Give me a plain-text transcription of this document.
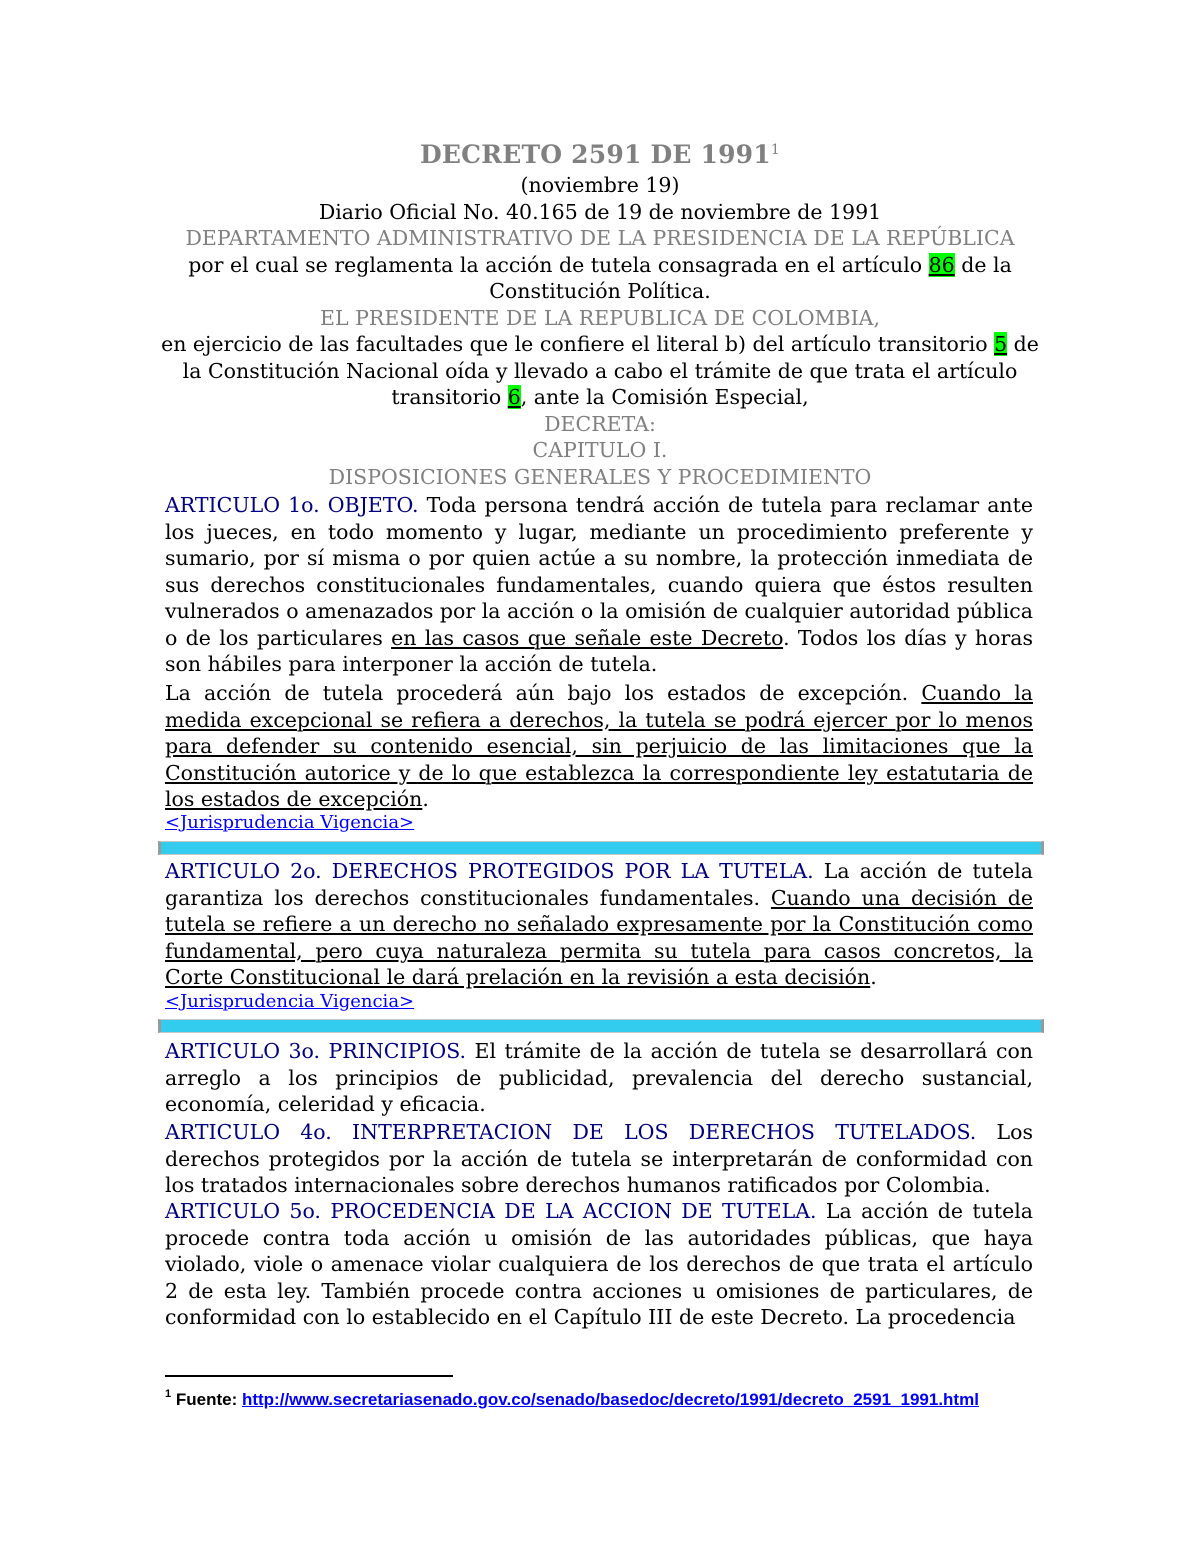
DECRETO 2591 DE 1991$^1$
(noviembre 19)
Diario Oficial No. 40.165 de 19 de noviembre de 1991
DEPARTAMENTO ADMINISTRATIVO DE LA PRESIDENCIA DE LA REPÚBLICA
por el cual se reglamenta la acción de tutela consagrada en el artículo 86 de la
Constitución Política.
EL PRESIDENTE DE LA REPUBLICA DE COLOMBIA,
en ejercicio de las facultades que le confiere el literal b) del artículo transitorio 5 de
la Constitución Nacional oída y llevado a cabo el trámite de que trata el artículo
transitorio 6, ante la Comisión Especial,
DECRETA:
CAPITULO I.
DISPOSICIONES GENERALES Y PROCEDIMIENTO
ARTICULO 1o. OBJETO. Toda persona tendrá acción de tutela para reclamar ante los jueces, en todo momento y lugar, mediante un procedimiento preferente y sumario, por sí misma o por quien actúe a su nombre, la protección inmediata de sus derechos constitucionales fundamentales, cuando quiera que éstos resulten vulnerados o amenazados por la acción o la omisión de cualquier autoridad pública o de los particulares en las casos que señale este Decreto. Todos los días y horas son hábiles para interponer la acción de tutela.
La acción de tutela procederá aún bajo los estados de excepción. Cuando la medida excepcional se refiera a derechos, la tutela se podrá ejercer por lo menos para defender su contenido esencial, sin perjuicio de las limitaciones que la Constitución autorice y de lo que establezca la correspondiente ley estatutaria de los estados de excepción.
<Jurisprudencia Vigencia>
ARTICULO 2o. DERECHOS PROTEGIDOS POR LA TUTELA. La acción de tutela garantiza los derechos constitucionales fundamentales. Cuando una decisión de tutela se refiere a un derecho no señalado expresamente por la Constitución como fundamental, pero cuya naturaleza permita su tutela para casos concretos, la Corte Constitucional le dará prelación en la revisión a esta decisión.
<Jurisprudencia Vigencia>
ARTICULO 3o. PRINCIPIOS. El trámite de la acción de tutela se desarrollará con arreglo a los principios de publicidad, prevalencia del derecho sustancial, economía, celeridad y eficacia.
ARTICULO 4o. INTERPRETACION DE LOS DERECHOS TUTELADOS. Los derechos protegidos por la acción de tutela se interpretarán de conformidad con los tratados internacionales sobre derechos humanos ratificados por Colombia.
ARTICULO 5o. PROCEDENCIA DE LA ACCION DE TUTELA. La acción de tutela procede contra toda acción u omisión de las autoridades públicas, que haya violado, viole o amenace violar cualquiera de los derechos de que trata el artículo 2 de esta ley. También procede contra acciones u omisiones de particulares, de conformidad con lo establecido en el Capítulo III de este Decreto. La procedencia
$^1$ Fuente: http://www.secretariasenado.gov.co/senado/basedoc/decreto/1991/decreto_2591_1991.html
